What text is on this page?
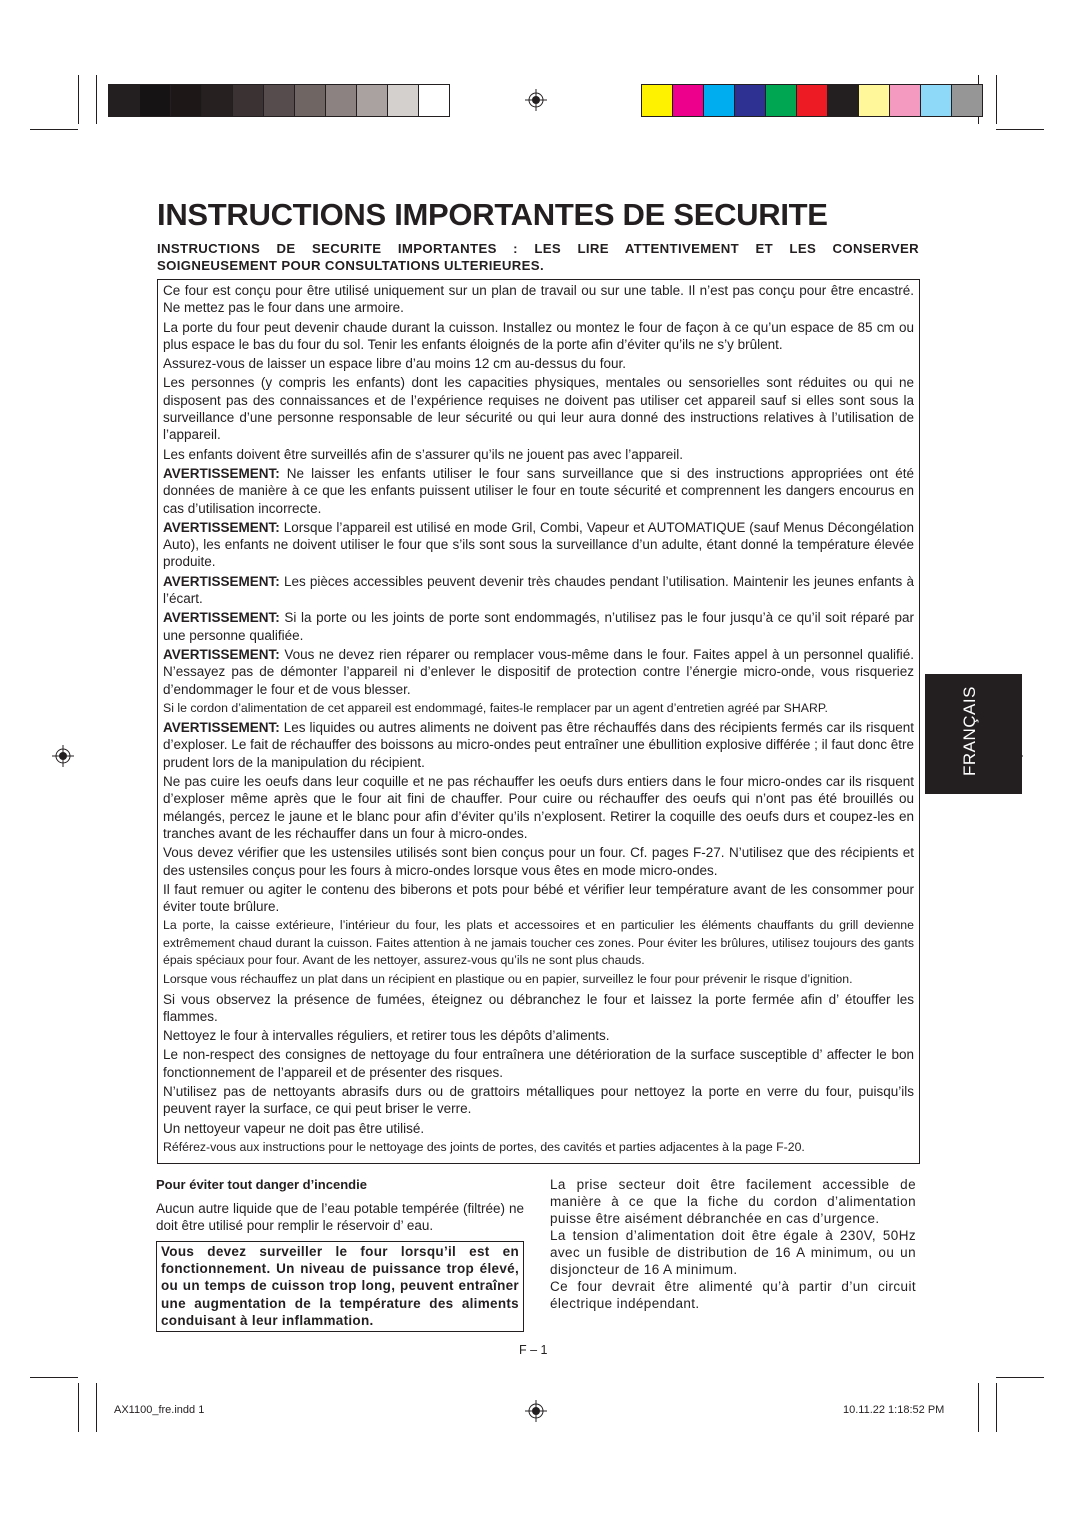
INSTRUCTIONS IMPORTANTES DE SECURITE
INSTRUCTIONS DE SECURITE IMPORTANTES : LES LIRE ATTENTIVEMENT ET LES CONSERVER SOIGNEUSEMENT POUR CONSULTATIONS ULTERIEURES.

Ce four est conçu pour être utilisé uniquement sur un plan de travail ou sur une table. Il n’est pas conçu pour être encastré. Ne mettez pas le four dans une armoire.

La porte du four peut devenir chaude durant la cuisson. Installez ou montez le four de façon à ce qu’un espace de 85 cm ou plus espace le bas du four du sol. Tenir les enfants éloignés de la porte afin d’éviter qu’ils ne s’y brûlent.

Assurez-vous de laisser un espace libre d’au moins 12 cm au-dessus du four.

Les personnes (y compris les enfants) dont les capacities physiques, mentales ou sensorielles sont réduites ou qui ne disposent pas des connaissances et de l’expérience requises ne doivent pas utiliser cet appareil sauf si elles sont sous la surveillance d’une personne responsable de leur sécurité ou qui leur aura donné des instructions relatives à l’utilisation de l’appareil.

Les enfants doivent être surveillés afin de s’assurer qu’ils ne jouent pas avec l’appareil.

AVERTISSEMENT: Ne laisser les enfants utiliser le four sans surveillance que si des instructions appropriées ont été données de manière à ce que les enfants puissent utiliser le four en toute sécurité et comprennent les dangers encourus en cas d’utilisation incorrecte.

AVERTISSEMENT: Lorsque l’appareil est utilisé en mode Gril, Combi, Vapeur et AUTOMATIQUE (sauf Menus Décongélation Auto), les enfants ne doivent utiliser le four que s’ils sont sous la surveillance d’un adulte, étant donné la température élevée produite.

AVERTISSEMENT: Les pièces accessibles peuvent devenir très chaudes pendant l’utilisation. Maintenir les jeunes enfants à l’écart.

AVERTISSEMENT: Si la porte ou les joints de porte sont endommagés, n’utilisez pas le four jusqu’à ce qu’il soit réparé par une personne qualifiée.

AVERTISSEMENT: Vous ne devez rien réparer ou remplacer vous-même dans le four. Faites appel à un personnel qualifié. N’essayez pas de démonter l’appareil ni d’enlever le dispositif de protection contre l’énergie micro-onde, vous risqueriez d’endommager le four et de vous blesser.

Si le cordon d’alimentation de cet appareil est endommagé, faites-le remplacer par un agent d’entretien agréé par SHARP.

AVERTISSEMENT: Les liquides ou autres aliments ne doivent pas être réchauffés dans des récipients fermés car ils risquent d’exploser. Le fait de réchauffer des boissons au micro-ondes peut entraîner une ébullition explosive différée ; il faut donc être prudent lors de la manipulation du récipient.

Ne pas cuire les oeufs dans leur coquille et ne pas réchauffer les oeufs durs entiers dans le four micro-ondes car ils risquent d’exploser même après que le four ait fini de chauffer. Pour cuire ou réchauffer des oeufs qui n’ont pas été brouillés ou mélangés, percez le jaune et le blanc pour afin d’éviter qu’ils n’explosent. Retirer la coquille des oeufs durs et coupez-les en tranches avant de les réchauffer dans un four à micro-ondes.

Vous devez vérifier que les ustensiles utilisés sont bien conçus pour un four. Cf. pages F-27. N’utilisez que des récipients et des ustensiles conçus pour les fours à micro-ondes lorsque vous êtes en mode micro-ondes.

Il faut remuer ou agiter le contenu des biberons et pots pour bébé et vérifier leur température avant de les consommer pour éviter toute brûlure.

La porte, la caisse extérieure, l’intérieur du four, les plats et accessoires et en particulier les éléments chauffants du grill devienne extrêmement chaud durant la cuisson. Faites attention à ne jamais toucher ces zones. Pour éviter les brûlures, utilisez toujours des gants épais spéciaux pour four. Avant de les nettoyer, assurez-vous qu’ils ne sont plus chauds.

Lorsque vous réchauffez un plat dans un récipient en plastique ou en papier, surveillez le four pour prévenir le risque d’ignition.

Si vous observez la présence de fumées, éteignez ou débranchez le four et laissez la porte fermée afin d’ étouffer les flammes.

Nettoyez le four à intervalles réguliers, et retirer tous les dépôts d’aliments.

Le non-respect des consignes de nettoyage du four entraînera une détérioration de la surface susceptible d’ affecter le bon fonctionnement de l’appareil et de présenter des risques.

N’utilisez pas de nettoyants abrasifs durs ou de grattoirs métalliques pour nettoyez la porte en verre du four, puisqu’ils peuvent rayer la surface, ce qui peut briser le verre.

Un nettoyeur vapeur ne doit pas être utilisé.

Référez-vous aux instructions pour le nettoyage des joints de portes, des cavités et parties adjacentes à la page F-20.

Pour éviter tout danger d’incendie

Aucun autre liquide que de l’eau potable tempérée (filtrée) ne doit être utilisé pour remplir le réservoir d’ eau.

Vous devez surveiller le four lorsqu’il est en fonctionnement. Un niveau de puissance trop élevé, ou un temps de cuisson trop long, peuvent entraîner une augmentation de la température des aliments conduisant à leur inflammation.

La prise secteur doit être facilement accessible de manière à ce que la fiche du cordon d’alimentation puisse être aisément débranchée en cas d’urgence.

La tension d’alimentation doit être égale à 230V, 50Hz avec un fusible de distribution de 16 A minimum, ou un disjoncteur de 16 A minimum.

Ce four devrait être alimenté qu’à partir d’un circuit électrique indépendant.

F – 1
FRANÇAIS
AX1100_fre.indd 1	10.11.22 1:18:52 PM
